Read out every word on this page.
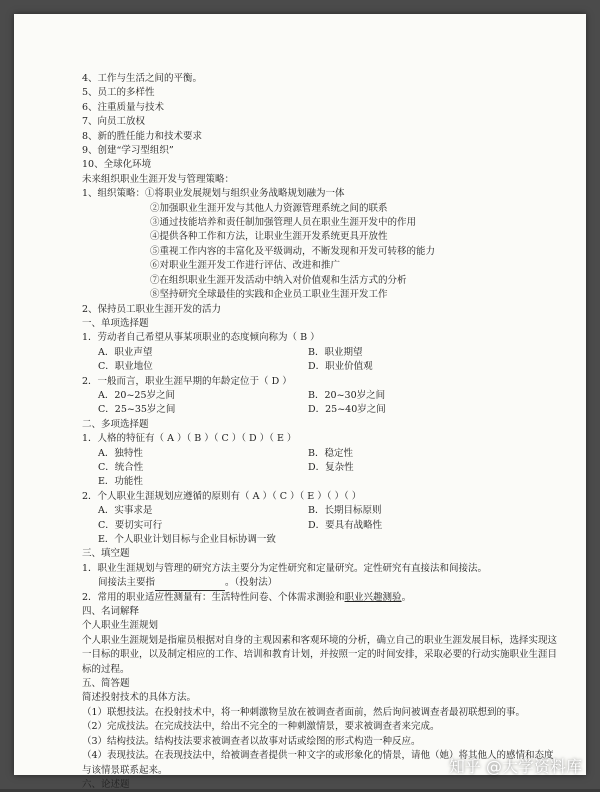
4、工作与生活之间的平衡。
5、员工的多样性
6、注重质量与技术
7、向员工放权
8、新的胜任能力和技术要求
9、创建“学习型组织”
10、全球化环境
未来组织职业生涯开发与管理策略：
1、组织策略：①将职业发展规划与组织业务战略规划融为一体
②加强职业生涯开发与其他人力资源管理系统之间的联系
③通过技能培养和责任制加强管理人员在职业生涯开发中的作用
④提供各种工作和方法，让职业生涯开发系统更具开放性
⑤重视工作内容的丰富化及平级调动，不断发现和开发可转移的能力
⑥对职业生涯开发工作进行评估、改进和推广
⑦在组织职业生涯开发活动中纳入对价值观和生活方式的分析
⑧坚持研究全球最佳的实践和企业员工职业生涯开发工作
2、保持员工职业生涯开发的活力
一、单项选择题
1．劳动者自己希望从事某项职业的态度倾向称为（ B ）
A．职业声望	B．职业期望
C．职业地位	D．职业价值观
2．一般而言，职业生涯早期的年龄定位于（ D ）
A．20~25岁之间	B．20~30岁之间
C．25~35岁之间	D．25~40岁之间
二、多项选择题
1．人格的特征有（ A ）（ B ）（ C ）（ D ）（ E ）
A．独特性	B．稳定性
C．统合性	D．复杂性
E．功能性
2．个人职业生涯规划应遵循的原则有（ A ）（ C ）（ E ）（ ）（ ）
A．实事求是	B．长期目标原则
C．要切实可行	D．要具有战略性
E．个人职业计划目标与企业目标协调一致
三、填空题
1．职业生涯规划与管理的研究方法主要分为定性研究和定量研究。定性研究有直接法和间接法。
间接法主要指	。（投射法）
2．常用的职业适应性测量有：生活特性问卷、个体需求测验和职业兴趣测验。
四、名词解释
个人职业生涯规划
个人职业生涯规划是指雇员根据对自身的主观因素和客观环境的分析，确立自己的职业生涯发展目标，选择实现这一目标的职业，以及制定相应的工作、培训和教育计划，并按照一定的时间安排，采取必要的行动实施职业生涯目标的过程。
五、简答题
简述投射技术的具体方法。
（1）联想技法。在投射技术中，将一种刺激物呈放在被调查者面前，然后询问被调查者最初联想到的事。
（2）完成技法。在完成技法中，给出不完全的一种刺激情景，要求被调查者来完成。
（3）结构技法。结构技法要求被调查者以故事对话或绘图的形式构造一种反应。
（4）表现技法。在表现技法中，给被调查者提供一种文字的或形象化的情景，请他（她）将其他人的感情和态度与该情景联系起来。
六、论述题
知乎 @大学资料库
